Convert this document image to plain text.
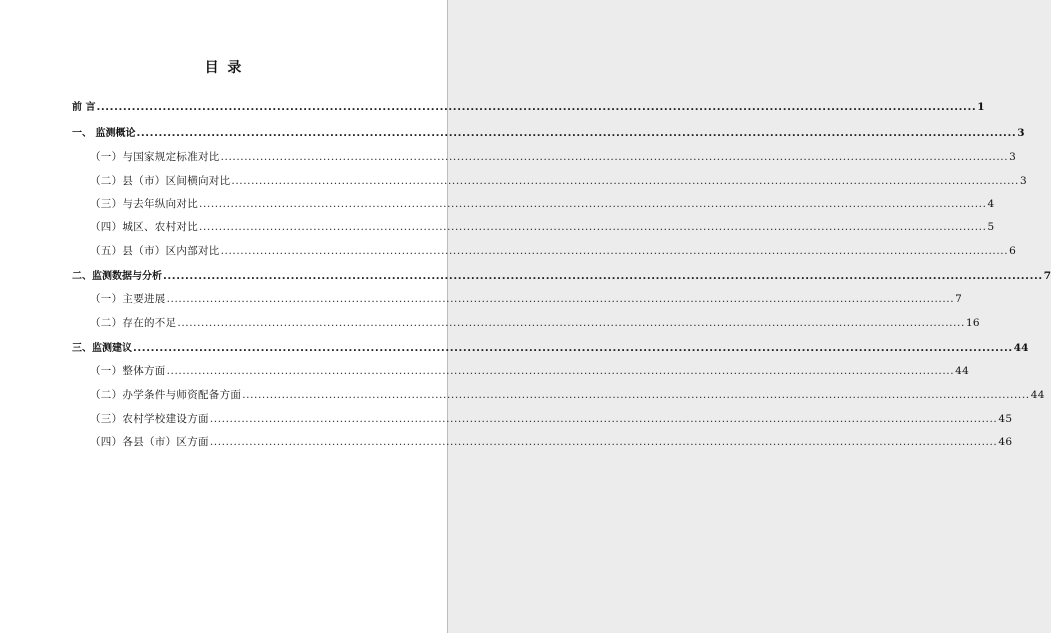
目 录
前 言 ........................................................................................................................................................................................................ 1
一、 监测概论 ........................................................................................................................................................................................................ 3
（一）与国家规定标准对比 ........................................................................................................................................................................................................ 3
（二）县（市）区间横向对比 ........................................................................................................................................................................................................ 3
（三）与去年纵向对比 ........................................................................................................................................................................................................ 4
（四）城区、农村对比 ........................................................................................................................................................................................................ 5
（五）县（市）区内部对比 ........................................................................................................................................................................................................ 6
二、监测数据与分析 ........................................................................................................................................................................................................ 7
（一）主要进展 ........................................................................................................................................................................................................ 7
（二）存在的不足 ........................................................................................................................................................................................................ 16
三、监测建议 ........................................................................................................................................................................................................ 44
（一）整体方面 ........................................................................................................................................................................................................ 44
（二）办学条件与师资配备方面 ........................................................................................................................................................................................................ 44
（三）农村学校建设方面 ........................................................................................................................................................................................................ 45
（四）各县（市）区方面 ........................................................................................................................................................................................................ 46
